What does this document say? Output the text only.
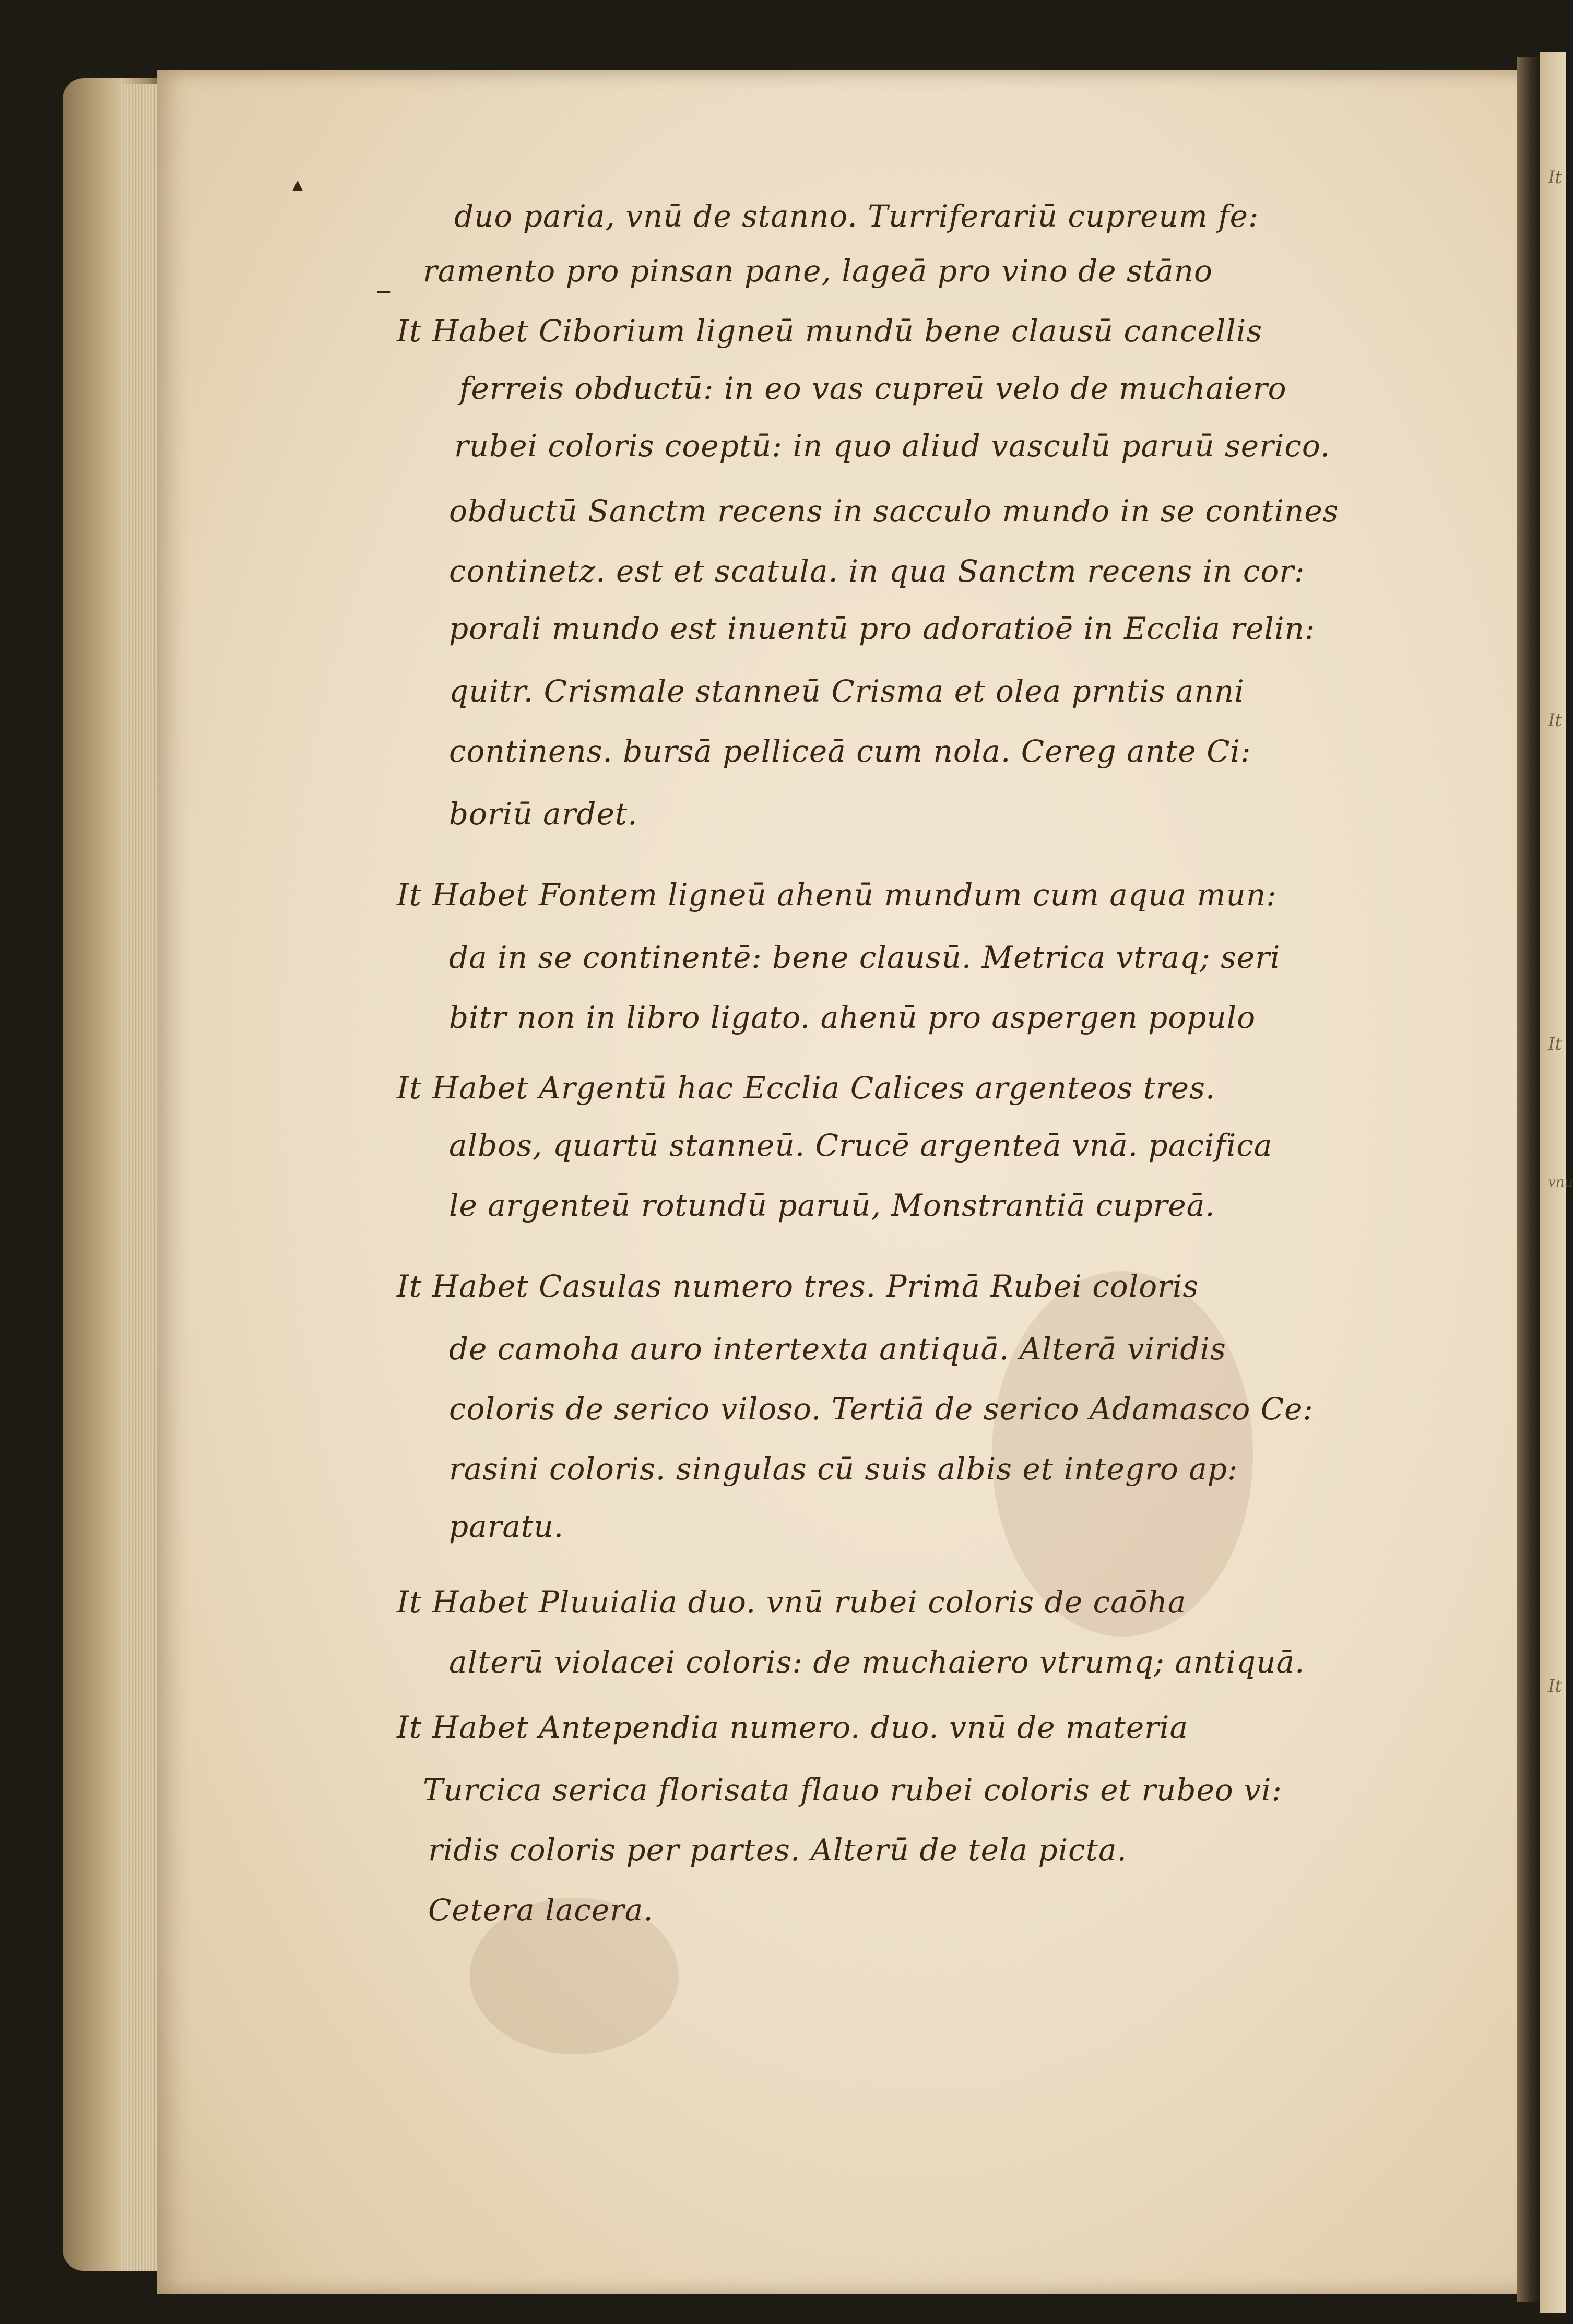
It
It
It
vnu
It
▴
–
duo paria, vnū de stanno. Turriferariū cupreum fe:
ramento pro pinsan pane, lageā pro vino de stāno
It Habet Ciborium ligneū mundū bene clausū cancellis
ferreis obductū: in eo vas cupreū velo de muchaiero
rubei coloris coeptū: in quo aliud vasculū paruū serico.
obductū Sanctm recens in sacculo mundo in se contines
continetz. est et scatula. in qua Sanctm recens in cor:
porali mundo est inuentū pro adoratioē in Ecclia relin:
quitr. Crismale stanneū Crisma et olea prntis anni
continens. bursā pelliceā cum nola. Cereg ante Ci:
boriū ardet.
It Habet Fontem ligneū ahenū mundum cum aqua mun:
da in se continentē: bene clausū. Metrica vtraq; seri
bitr non in libro ligato. ahenū pro aspergen populo
It Habet Argentū hac Ecclia Calices argenteos tres.
albos, quartū stanneū. Crucē argenteā vnā. pacifica
le argenteū rotundū paruū, Monstrantiā cupreā.
It Habet Casulas numero tres. Primā Rubei coloris
de camoha auro intertexta antiquā. Alterā viridis
coloris de serico viloso. Tertiā de serico Adamasco Ce:
rasini coloris. singulas cū suis albis et integro ap:
paratu.
It Habet Pluuialia duo. vnū rubei coloris de caōha
alterū violacei coloris: de muchaiero vtrumq; antiquā.
It Habet Antependia numero. duo. vnū de materia
Turcica serica florisata flauo rubei coloris et rubeo vi:
ridis coloris per partes. Alterū de tela picta.
Cetera lacera.
